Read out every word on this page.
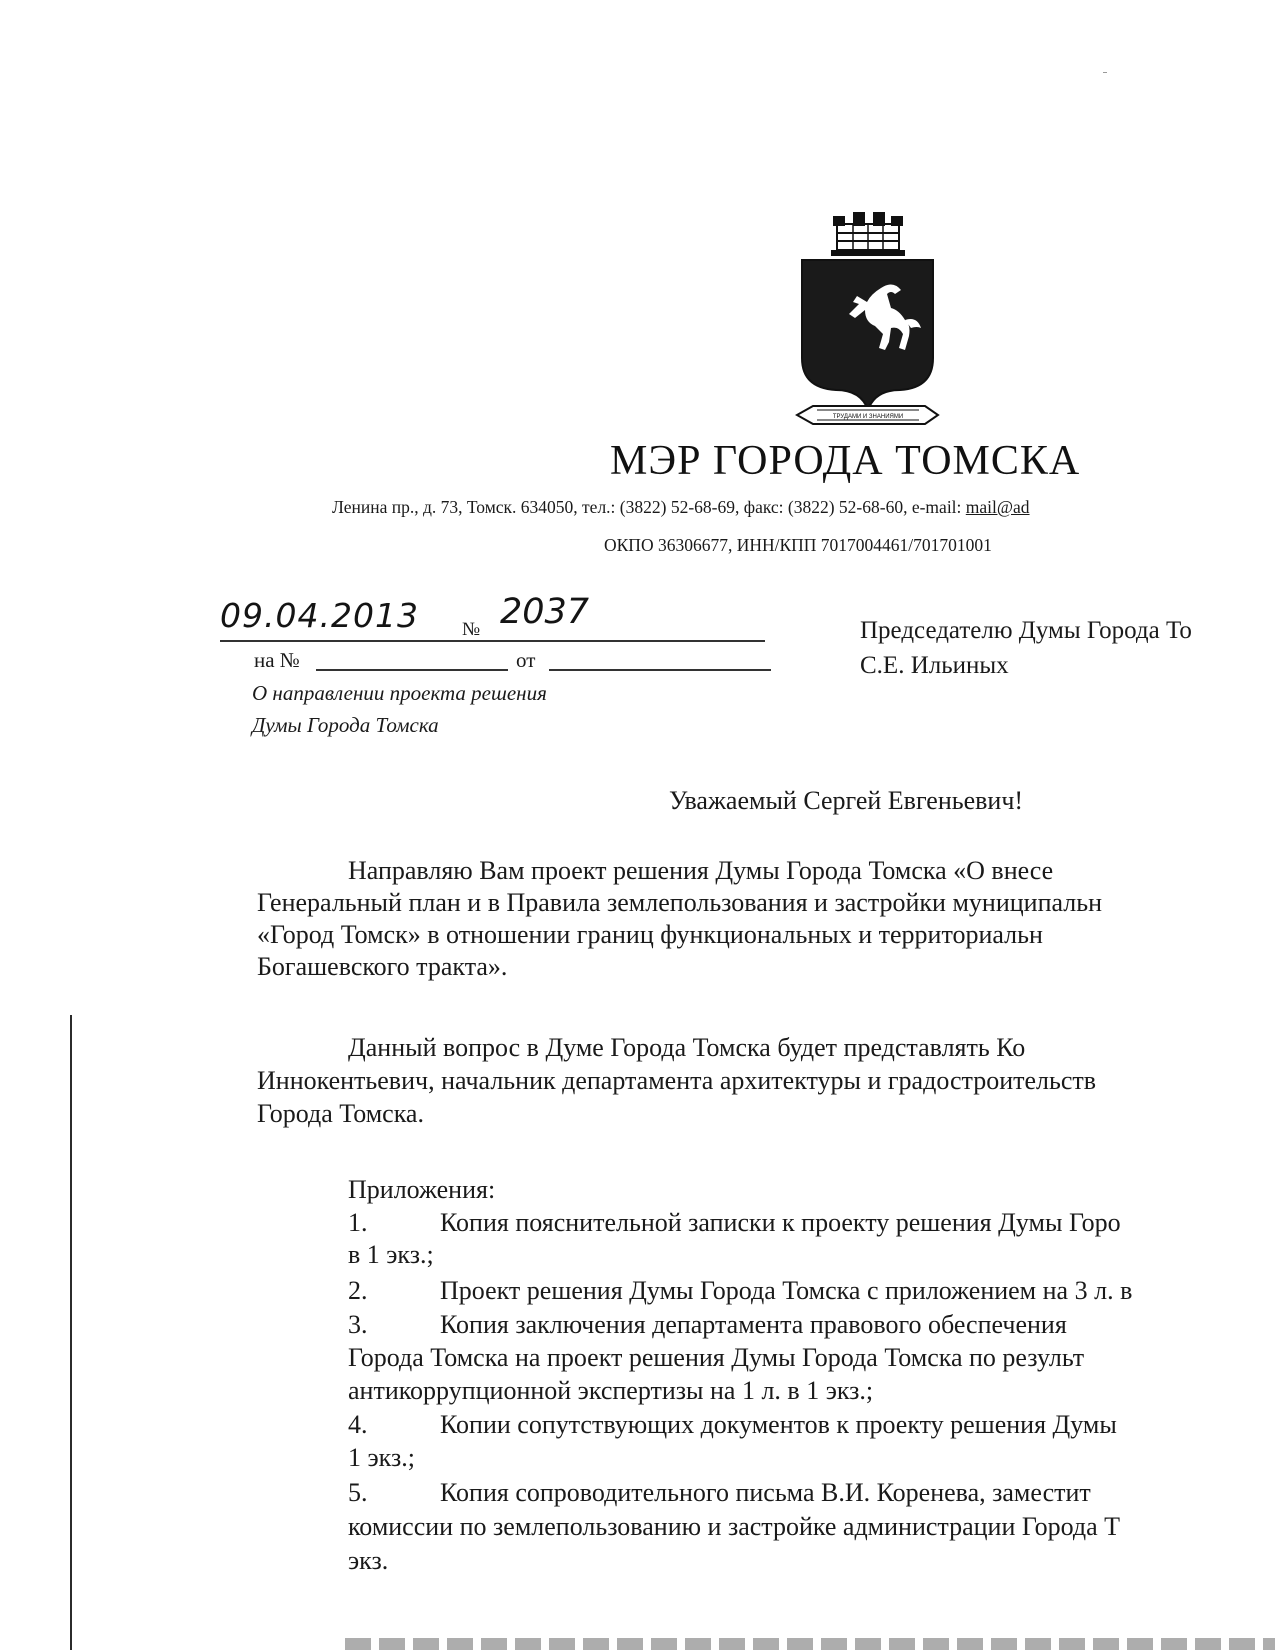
ТРУДАМИ И ЗНАНИЯМИ
МЭР ГОРОДА ТОМСКА
Ленина пр., д. 73, Томск. 634050, тел.: (3822) 52-68-69, факс: (3822) 52-68-60, e-mail: mail@ad
ОКПО 36306677, ИНН/КПП 7017004461/701701001
09.04.2013 № 2037
на №	от
О направлении проекта решения
Думы Города Томска
Председателю Думы Города То
С.Е. Ильиных
Уважаемый Сергей Евгеньевич!
Направляю Вам проект решения Думы Города Томска «О внесе
Генеральный план и в Правила землепользования и застройки муниципальн
«Город Томск» в отношении границ функциональных и территориальн
Богашевского тракта».
Данный вопрос в Думе Города Томска будет представлять Ко
Иннокентьевич, начальник департамента архитектуры и градостроительств
Города Томска.
Приложения:
1.	Копия пояснительной записки к проекту решения Думы Горо
в 1 экз.;
2.	Проект решения Думы Города Томска с приложением на 3 л. в
3.	Копия заключения департамента правового обеспечения
Города Томска на проект решения Думы Города Томска по результ
антикоррупционной экспертизы на 1 л. в 1 экз.;
4.	Копии сопутствующих документов к проекту решения Думы
1 экз.;
5.	Копия сопроводительного письма В.И. Коренева, заместит
комиссии по землепользованию и застройке администрации Города Т
экз.
